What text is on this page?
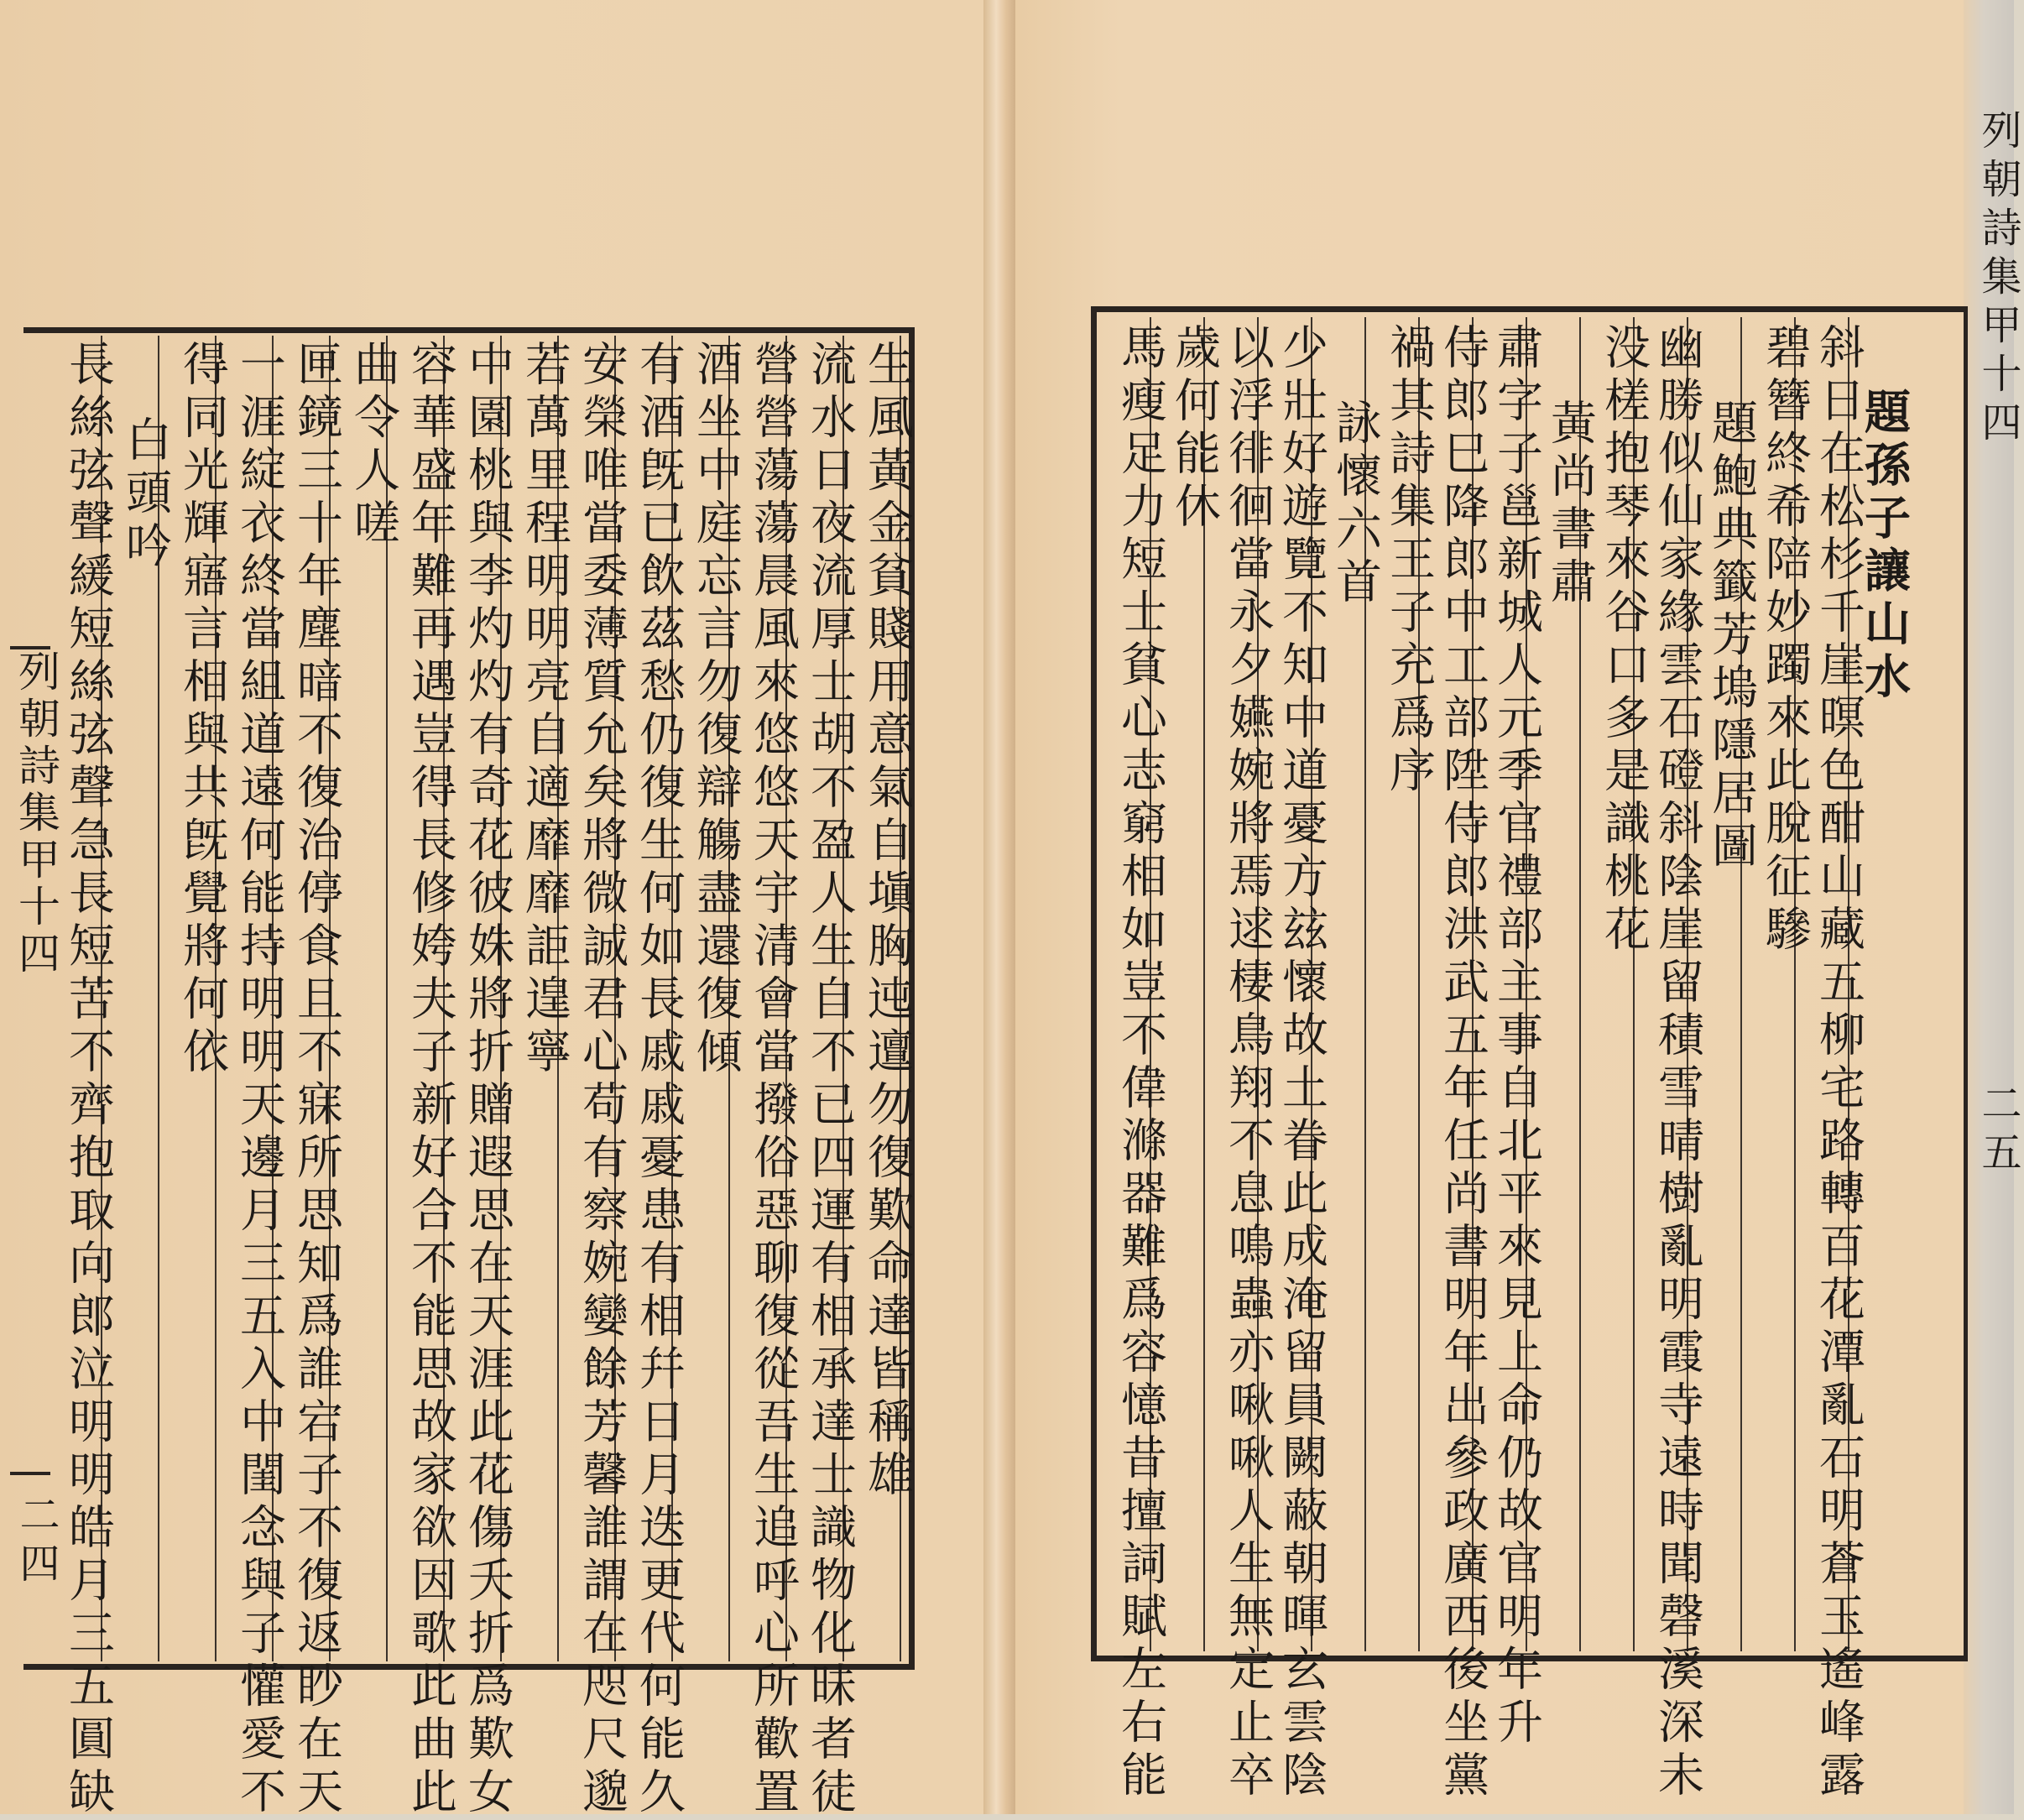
列朝詩集甲十四
二四
生風黃金貧賤用意氣自塡胸迍邅勿復歎命達皆稱雄
流水日夜流厚士胡不盈人生自不已四運有相承達士識物化昧者徒
營營蕩蕩晨風來悠悠天宇清會當撥俗惡聊復從吾生追呼心所歡置
酒坐中庭忘言勿復辯觴盡還復傾
有酒旣已飲茲愁仍復生何如長戚戚憂患有相幷日月迭更代何能久
安榮唯當委薄質允矣將微誠君心苟有察婉孌餘芳馨誰謂在咫尺邈
若萬里程明明亮自適靡靡詎遑寧
中園桃與李灼灼有奇花彼姝將折贈遐思在天涯此花傷夭折爲歎女
容華盛年難再遇豈得長修姱夫子新好合不能思故家欲因歌此曲此
曲令人嗟
匣鏡三十年塵暗不復治停食且不寐所思知爲誰宕子不復返眇在天
一涯綻衣終當組道遠何能持明明天邊月三五入中閨念與子懽愛不
得同光輝寤言相與共旣覺將何依
白頭吟
長絲弦聲緩短絲弦聲急長短苦不齊抱取向郎泣明明皓月三五圓缺
列朝詩集甲十四
二五
題孫子讓山水
斜日在松杉千崖暝色酣山藏五柳宅路轉百花潭亂石明蒼玉遙峰露
碧簪終希陪妙躅來此脫征驂
題鮑典籤芳塢隱居圖
幽勝似仙家緣雲石磴斜陰崖留積雪晴樹亂明霞寺遠時聞磬溪深未
没槎抱琴來谷口多是識桃花
黃尚書肅
肅字子邕新城人元季官禮部主事自北平來見上命仍故官明年升
侍郎巳降郎中工部陞侍郎洪武五年任尚書明年出參政廣西後坐黨
禍其詩集王子充爲序
詠懷六首
少壯好遊覽不知中道憂方玆懷故土眷此成淹留員闕蔽朝暉玄雲陰
以浮徘徊當永夕嬿婉將焉逑棲鳥翔不息鳴蟲亦啾啾人生無定止卒
歲何能休
馬瘦足力短士貧心志窮相如豈不偉滌器難爲容憶昔擅詞賦左右能
